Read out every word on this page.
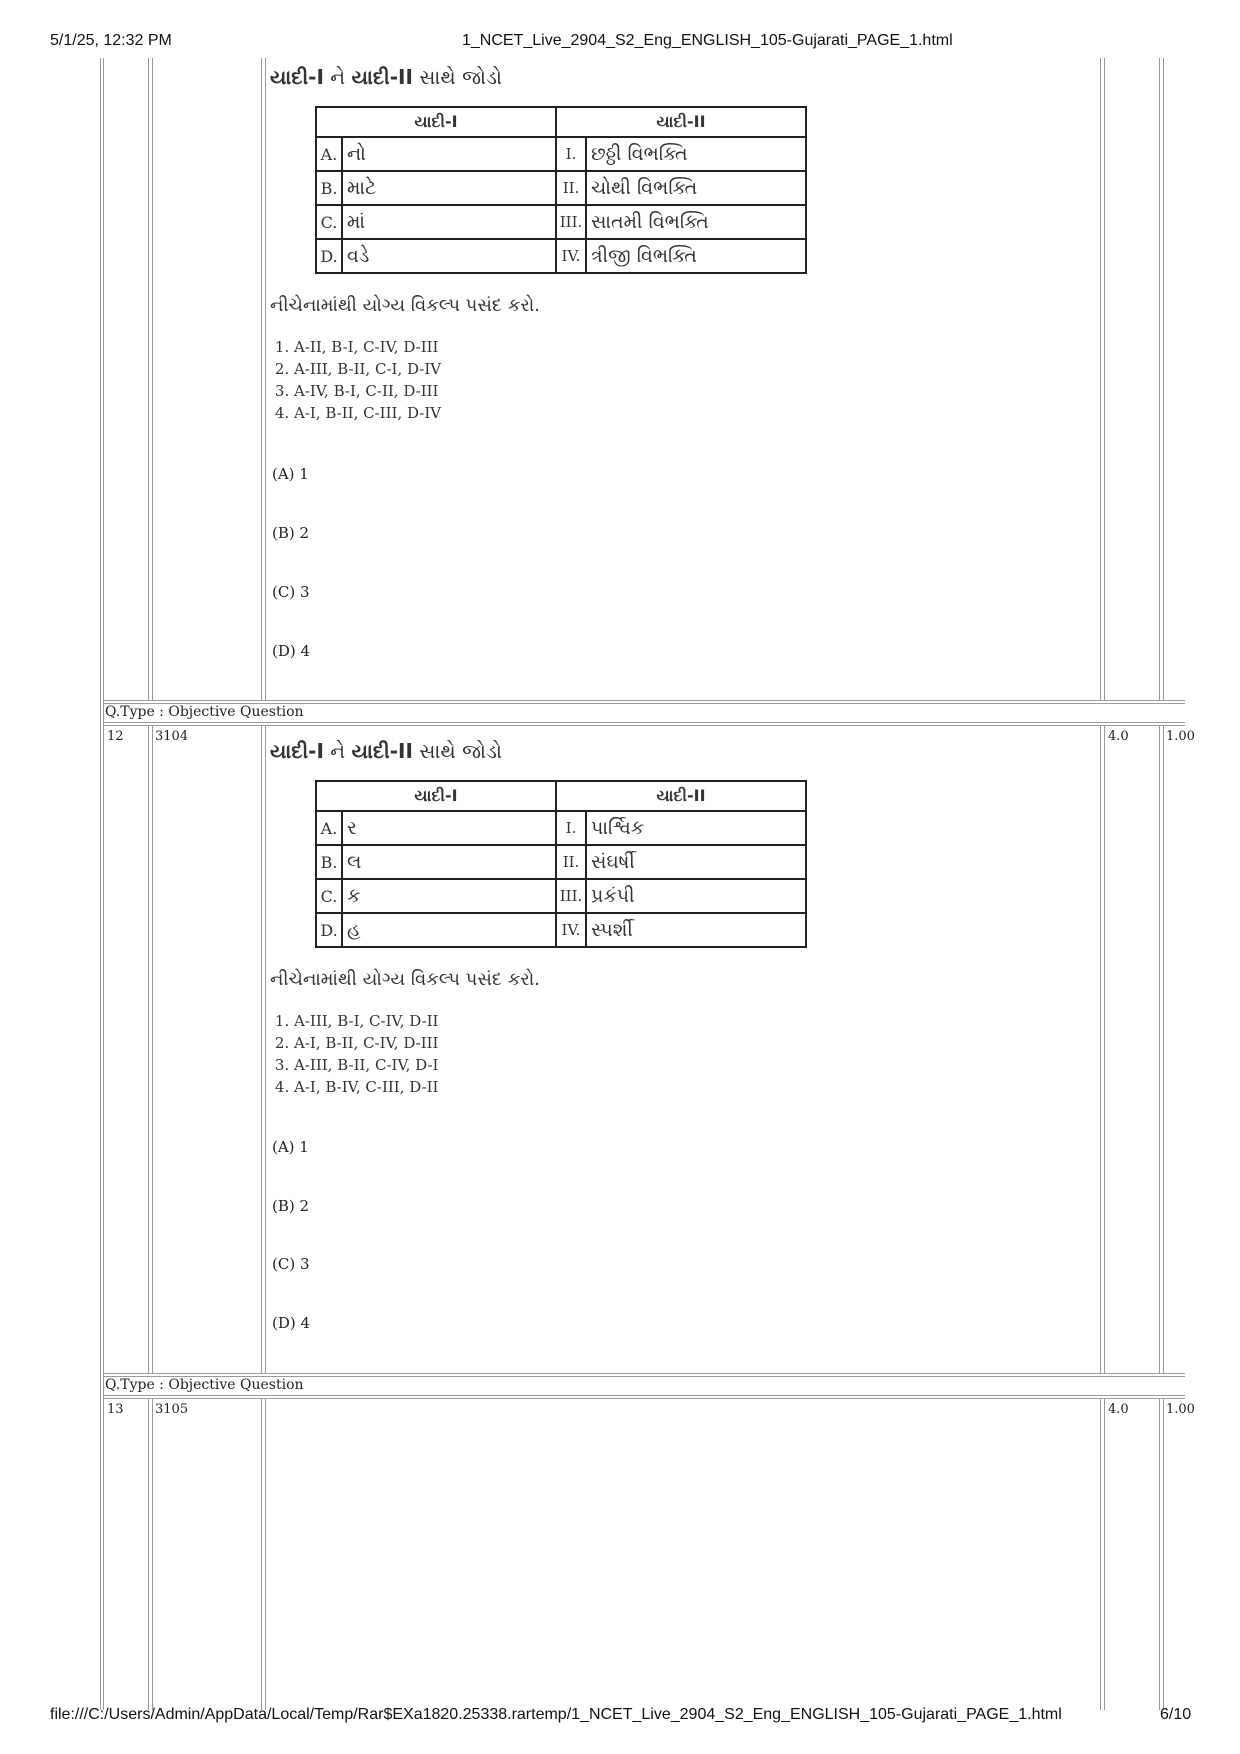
5/1/25, 12:32 PM	1_NCET_Live_2904_S2_Eng_ENGLISH_105-Gujarati_PAGE_1.html
યાદી-I ને યાદી-II સાથે જોડો
યાદી-I		યાદી-II	
A.	નો	I.	છઠ્ઠી વિભક્તિ
B.	માટે	II.	ચોથી વિભક્તિ
C.	માં	III.	સાતમી વિભક્તિ
D.	વડે	IV.	ત્રીજી વિભક્તિ
નીચેનામાંથી યોગ્ય વિકલ્પ પસંદ કરો.
1. A-II, B-I, C-IV, D-III
2. A-III, B-II, C-I, D-IV
3. A-IV, B-I, C-II, D-III
4. A-I, B-II, C-III, D-IV
(A) 1
(B) 2
(C) 3
(D) 4
Q.Type : Objective Question
12 3104	4.0	1.00
યાદી-I ને યાદી-II સાથે જોડો
યાદી-I		યાદી-II	
A.	ર	I.	પાર્શ્વિક
B.	લ	II.	સંઘર્ષી
C.	ક	III.	પ્રકંપી
D.	હ	IV.	સ્પર્શી
નીચેનામાંથી યોગ્ય વિકલ્પ પસંદ કરો.
1. A-III, B-I, C-IV, D-II
2. A-I, B-II, C-IV, D-III
3. A-III, B-II, C-IV, D-I
4. A-I, B-IV, C-III, D-II
(A) 1
(B) 2
(C) 3
(D) 4
Q.Type : Objective Question
13 3105	4.0	1.00
file:///C:/Users/Admin/AppData/Local/Temp/Rar$EXa1820.25338.rartemp/1_NCET_Live_2904_S2_Eng_ENGLISH_105-Gujarati_PAGE_1.html	6/10
